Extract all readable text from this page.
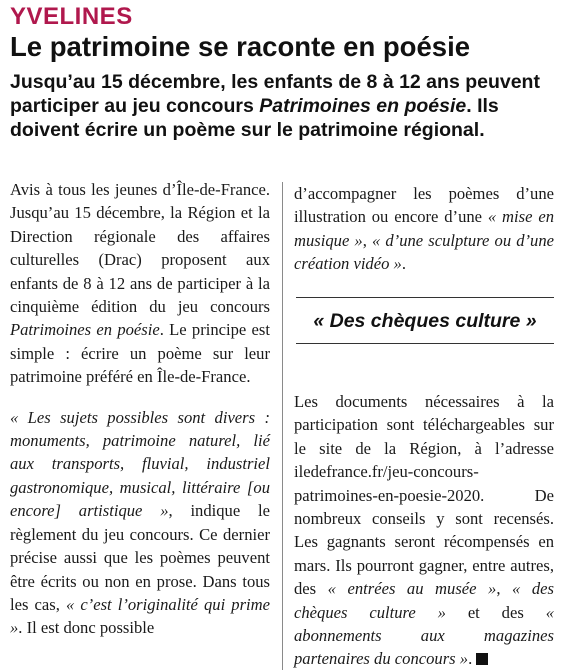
YVELINES
Le patrimoine se raconte en poésie
Jusqu’au 15 décembre, les enfants de 8 à 12 ans peuvent participer au jeu concours Patrimoines en poésie. Ils doivent écrire un poème sur le patrimoine régional.

Avis à tous les jeunes d’Île-de-France. Jusqu’au 15 décembre, la Région et la Direction régionale des affaires culturelles (Drac) proposent aux enfants de 8 à 12 ans de participer à la cinquième édition du jeu concours Patrimoines en poésie. Le principe est simple : écrire un poème sur leur patrimoine préféré en Île-de-France.

« Les sujets possibles sont divers : monuments, patrimoine naturel, lié aux transports, fluvial, industriel gastronomique, musical, littéraire [ou encore] artistique », indique le règlement du jeu concours. Ce dernier précise aussi que les poèmes peuvent être écrits ou non en prose. Dans tous les cas, « c’est l’originalité qui prime ». Il est donc possible

d’accompagner les poèmes d’une illustration ou encore d’une « mise en musique », « d’une sculpture ou d’une création vidéo ».

« Des chèques culture »

Les documents nécessaires à la participation sont téléchargeables sur le site de la Région, à l’adresse iledefrance.fr/jeu-concours-patrimoines-en-poesie-2020. De nombreux conseils y sont recensés. Les gagnants seront récompensés en mars. Ils pourront gagner, entre autres, des « entrées au musée », « des chèques culture » et des « abonnements aux magazines partenaires du concours ».
